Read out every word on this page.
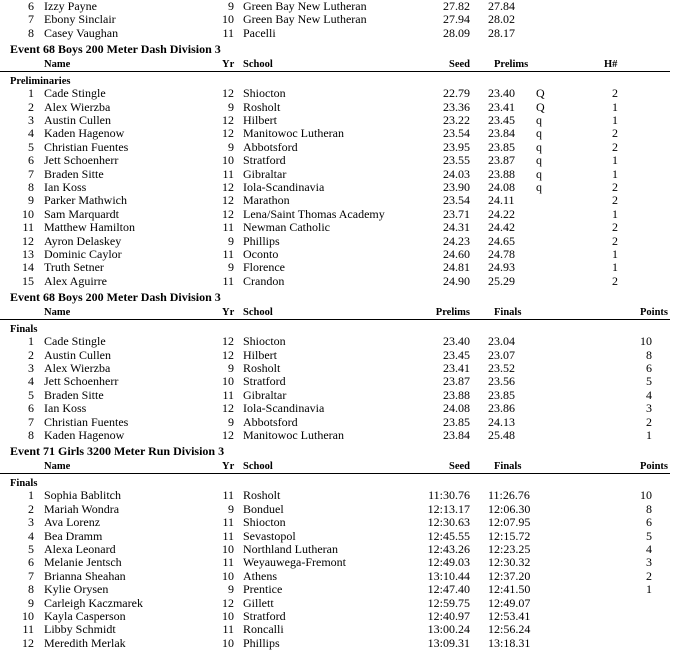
6 Izzy Payne	9 Green Bay New Lutheran	27.82 27.84
7 Ebony Sinclair	10 Green Bay New Lutheran	27.94 28.02
8 Casey Vaughan	11 Pacelli	28.09 28.17
Event 68 Boys 200 Meter Dash Division 3
Name	Yr School	Seed Prelims	H#
Preliminaries
1 Cade Stingle	12 Shiocton	22.79 23.40 Q	2
2 Alex Wierzba	9 Rosholt	23.36 23.41 Q	1
3 Austin Cullen	12 Hilbert	23.22 23.45 q	1
4 Kaden Hagenow	12 Manitowoc Lutheran	23.54 23.84 q	2
5 Christian Fuentes	9 Abbotsford	23.95 23.85 q	2
6 Jett Schoenherr	10 Stratford	23.55 23.87 q	1
7 Braden Sitte	11 Gibraltar	24.03 23.88 q	1
8 Ian Koss	12 Iola-Scandinavia	23.90 24.08 q	2
9 Parker Mathwich	12 Marathon	23.54 24.11	2
10 Sam Marquardt	12 Lena/Saint Thomas Academy	23.71 24.22	1
11 Matthew Hamilton	11 Newman Catholic	24.31 24.42	2
12 Ayron Delaskey	9 Phillips	24.23 24.65	2
13 Dominic Caylor	11 Oconto	24.60 24.78	1
14 Truth Setner	9 Florence	24.81 24.93	1
15 Alex Aguirre	11 Crandon	24.90 25.29	2
Event 68 Boys 200 Meter Dash Division 3
Name	Yr School	Prelims Finals	Points
Finals
1 Cade Stingle	12 Shiocton	23.40 23.04	10
2 Austin Cullen	12 Hilbert	23.45 23.07	8
3 Alex Wierzba	9 Rosholt	23.41 23.52	6
4 Jett Schoenherr	10 Stratford	23.87 23.56	5
5 Braden Sitte	11 Gibraltar	23.88 23.85	4
6 Ian Koss	12 Iola-Scandinavia	24.08 23.86	3
7 Christian Fuentes	9 Abbotsford	23.85 24.13	2
8 Kaden Hagenow	12 Manitowoc Lutheran	23.84 25.48	1
Event 71 Girls 3200 Meter Run Division 3
Name	Yr School	Seed Finals	Points
Finals
1 Sophia Bablitch	11 Rosholt	11:30.76 11:26.76	10
2 Mariah Wondra	9 Bonduel	12:13.17 12:06.30	8
3 Ava Lorenz	11 Shiocton	12:30.63 12:07.95	6
4 Bea Dramm	11 Sevastopol	12:45.55 12:15.72	5
5 Alexa Leonard	10 Northland Lutheran	12:43.26 12:23.25	4
6 Melanie Jentsch	11 Weyauwega-Fremont	12:49.03 12:30.32	3
7 Brianna Sheahan	10 Athens	13:10.44 12:37.20	2
8 Kylie Orysen	9 Prentice	12:47.40 12:41.50	1
9 Carleigh Kaczmarek	12 Gillett	12:59.75 12:49.07
10 Kayla Casperson	10 Stratford	12:40.97 12:53.41
11 Libby Schmidt	11 Roncalli	13:00.24 12:56.24
12 Meredith Merlak	10 Phillips	13:09.31 13:18.31
